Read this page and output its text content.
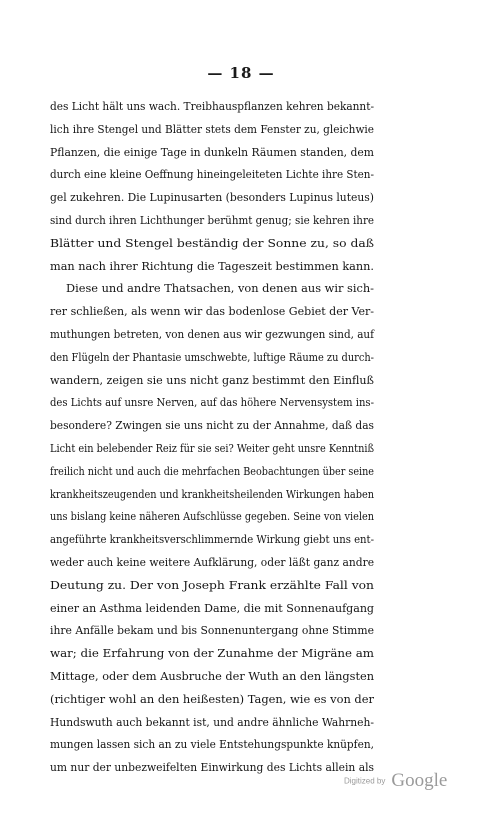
— 18 —
des Licht hält uns wach. Treibhauspflanzen kehren bekannt-
lich ihre Stengel und Blätter stets dem Fenster zu, gleichwie
Pflanzen, die einige Tage in dunkeln Räumen standen, dem
durch eine kleine Oeffnung hineingeleiteten Lichte ihre Sten-
gel zukehren. Die Lupinusarten (besonders Lupinus luteus)
sind durch ihren Lichthunger berühmt genug; sie kehren ihre
Blätter und Stengel beständig der Sonne zu, so daß
man nach ihrer Richtung die Tageszeit bestimmen kann.
Diese und andre Thatsachen, von denen aus wir sich-
rer schließen, als wenn wir das bodenlose Gebiet der Ver-
muthungen betreten, von denen aus wir gezwungen sind, auf
den Flügeln der Phantasie umschwebte, luftige Räume zu durch-
wandern, zeigen sie uns nicht ganz bestimmt den Einfluß
des Lichts auf unsre Nerven, auf das höhere Nervensystem ins-
besondere? Zwingen sie uns nicht zu der Annahme, daß das
Licht ein belebender Reiz für sie sei? Weiter geht unsre Kenntniß
freilich nicht und auch die mehrfachen Beobachtungen über seine
krankheitszeugenden und krankheitsheilenden Wirkungen haben
uns bislang keine näheren Aufschlüsse gegeben. Seine von vielen
angeführte krankheitsverschlimmernde Wirkung giebt uns ent-
weder auch keine weitere Aufklärung, oder läßt ganz andre
Deutung zu. Der von Joseph Frank erzählte Fall von
einer an Asthma leidenden Dame, die mit Sonnenaufgang
ihre Anfälle bekam und bis Sonnenuntergang ohne Stimme
war; die Erfahrung von der Zunahme der Migräne am
Mittage, oder dem Ausbruche der Wuth an den längsten
(richtiger wohl an den heißesten) Tagen, wie es von der
Hundswuth auch bekannt ist, und andre ähnliche Wahrneh-
mungen lassen sich an zu viele Entstehungspunkte knüpfen,
um nur der unbezweifelten Einwirkung des Lichts allein als
Digitized by Google
